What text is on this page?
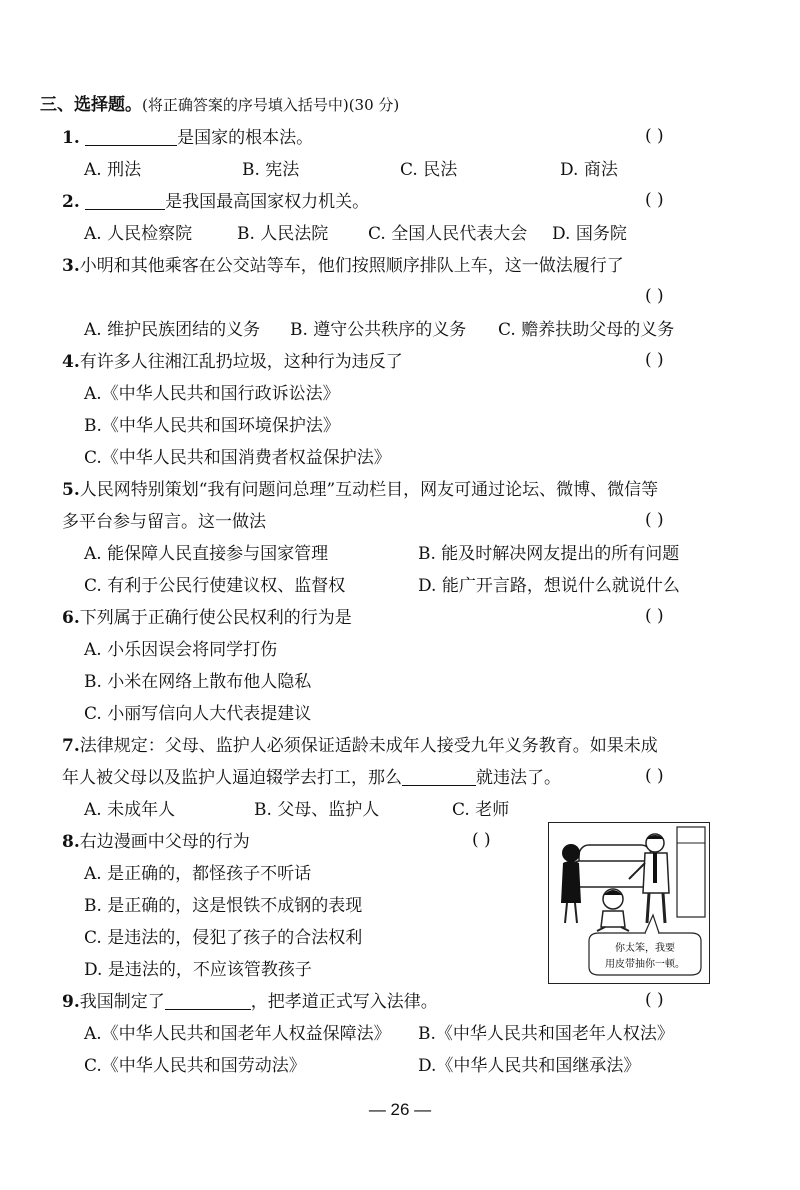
三、选择题。(将正确答案的序号填入括号中)(30 分)
1.	是国家的根本法。	( )
A. 刑法	B. 宪法	C. 民法	D. 商法
2.	是我国最高国家权力机关。	( )
A. 人民检察院	B. 人民法院 C. 全国人民代表大会 D. 国务院
3.小明和其他乘客在公交站等车，他们按照顺序排队上车，这一做法履行了
( )
A. 维护民族团结的义务 B. 遵守公共秩序的义务 C. 赡养扶助父母的义务
4.有许多人往湘江乱扔垃圾，这种行为违反了	( )
A.《中华人民共和国行政诉讼法》
B.《中华人民共和国环境保护法》
C.《中华人民共和国消费者权益保护法》
5.人民网特别策划“我有问题问总理”互动栏目，网友可通过论坛、微博、微信等
多平台参与留言。这一做法	( )
A. 能保障人民直接参与国家管理	B. 能及时解决网友提出的所有问题
C. 有利于公民行使建议权、监督权	D. 能广开言路，想说什么就说什么
6.下列属于正确行使公民权利的行为是	( )
A. 小乐因误会将同学打伤
B. 小米在网络上散布他人隐私
C. 小丽写信向人大代表提建议
7.法律规定：父母、监护人必须保证适龄未成年人接受九年义务教育。如果未成
年人被父母以及监护人逼迫辍学去打工，那么	就违法了。	( )
A. 未成年人	B. 父母、监护人	C. 老师
8.右边漫画中父母的行为	( )
A. 是正确的，都怪孩子不听话
B. 是正确的，这是恨铁不成钢的表现
C. 是违法的，侵犯了孩子的合法权利
D. 是违法的，不应该管教孩子
你太笨，我要
用皮带抽你一顿。
9.我国制定了	，把孝道正式写入法律。	( )
A.《中华人民共和国老年人权益保障法》 B.《中华人民共和国老年人权法》
C.《中华人民共和国劳动法》	D.《中华人民共和国继承法》
— 26 —
